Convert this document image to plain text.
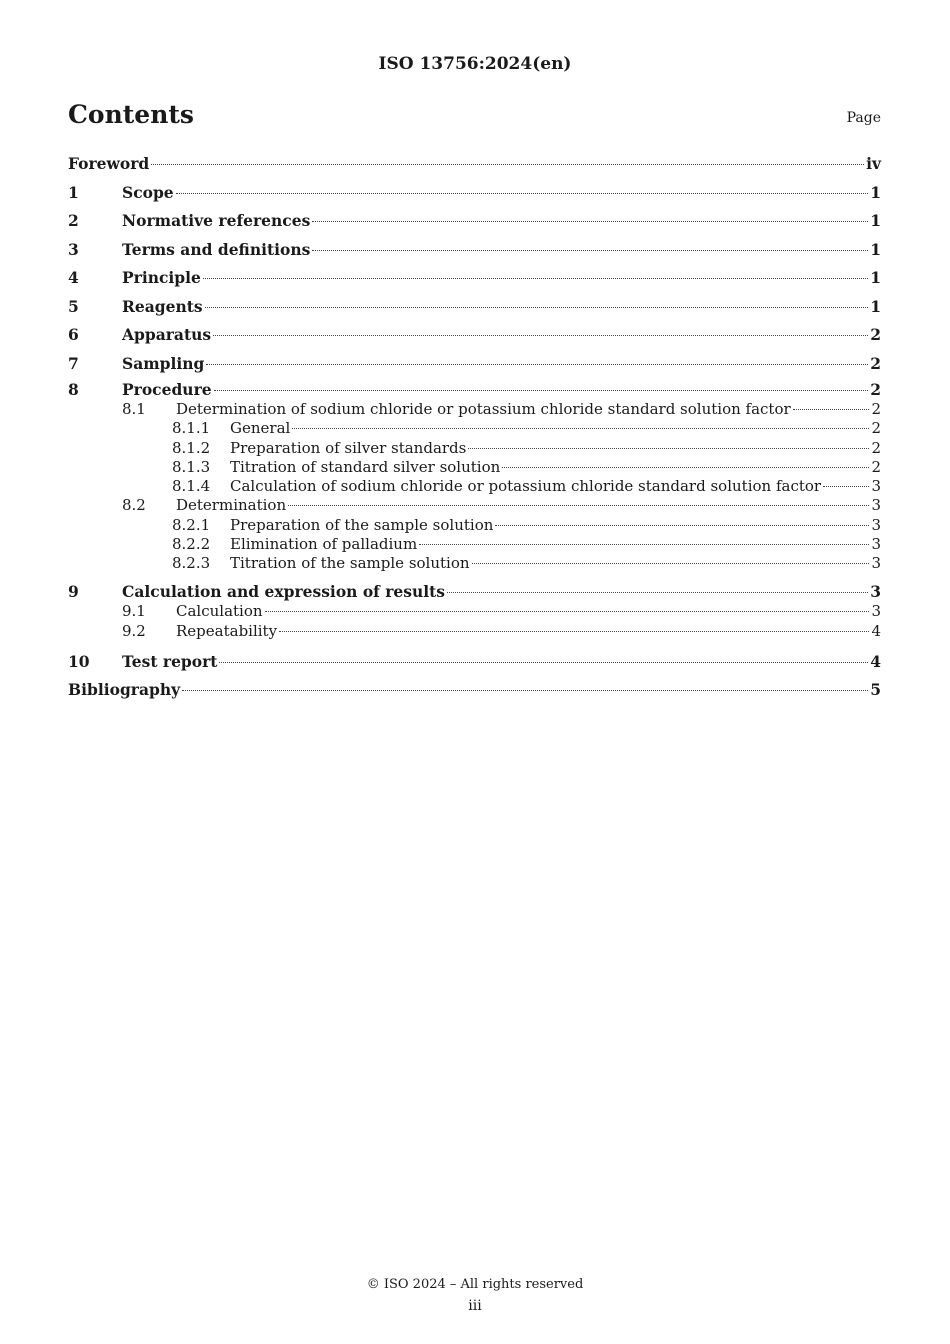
ISO 13756:2024(en)
Contents	Page
Foreword	iv
1	Scope	1
2	Normative references	1
3	Terms and definitions	1
4	Principle	1
5	Reagents	1
6	Apparatus	2
7	Sampling	2
8	Procedure	2
8.1	Determination of sodium chloride or potassium chloride standard solution factor	2
8.1.1	General	2
8.1.2	Preparation of silver standards	2
8.1.3	Titration of standard silver solution	2
8.1.4	Calculation of sodium chloride or potassium chloride standard solution factor	3
8.2	Determination	3
8.2.1	Preparation of the sample solution	3
8.2.2	Elimination of palladium	3
8.2.3	Titration of the sample solution	3
9	Calculation and expression of results	3
9.1	Calculation	3
9.2	Repeatability	4
10	Test report	4
Bibliography	5
© ISO 2024 – All rights reserved
iii
